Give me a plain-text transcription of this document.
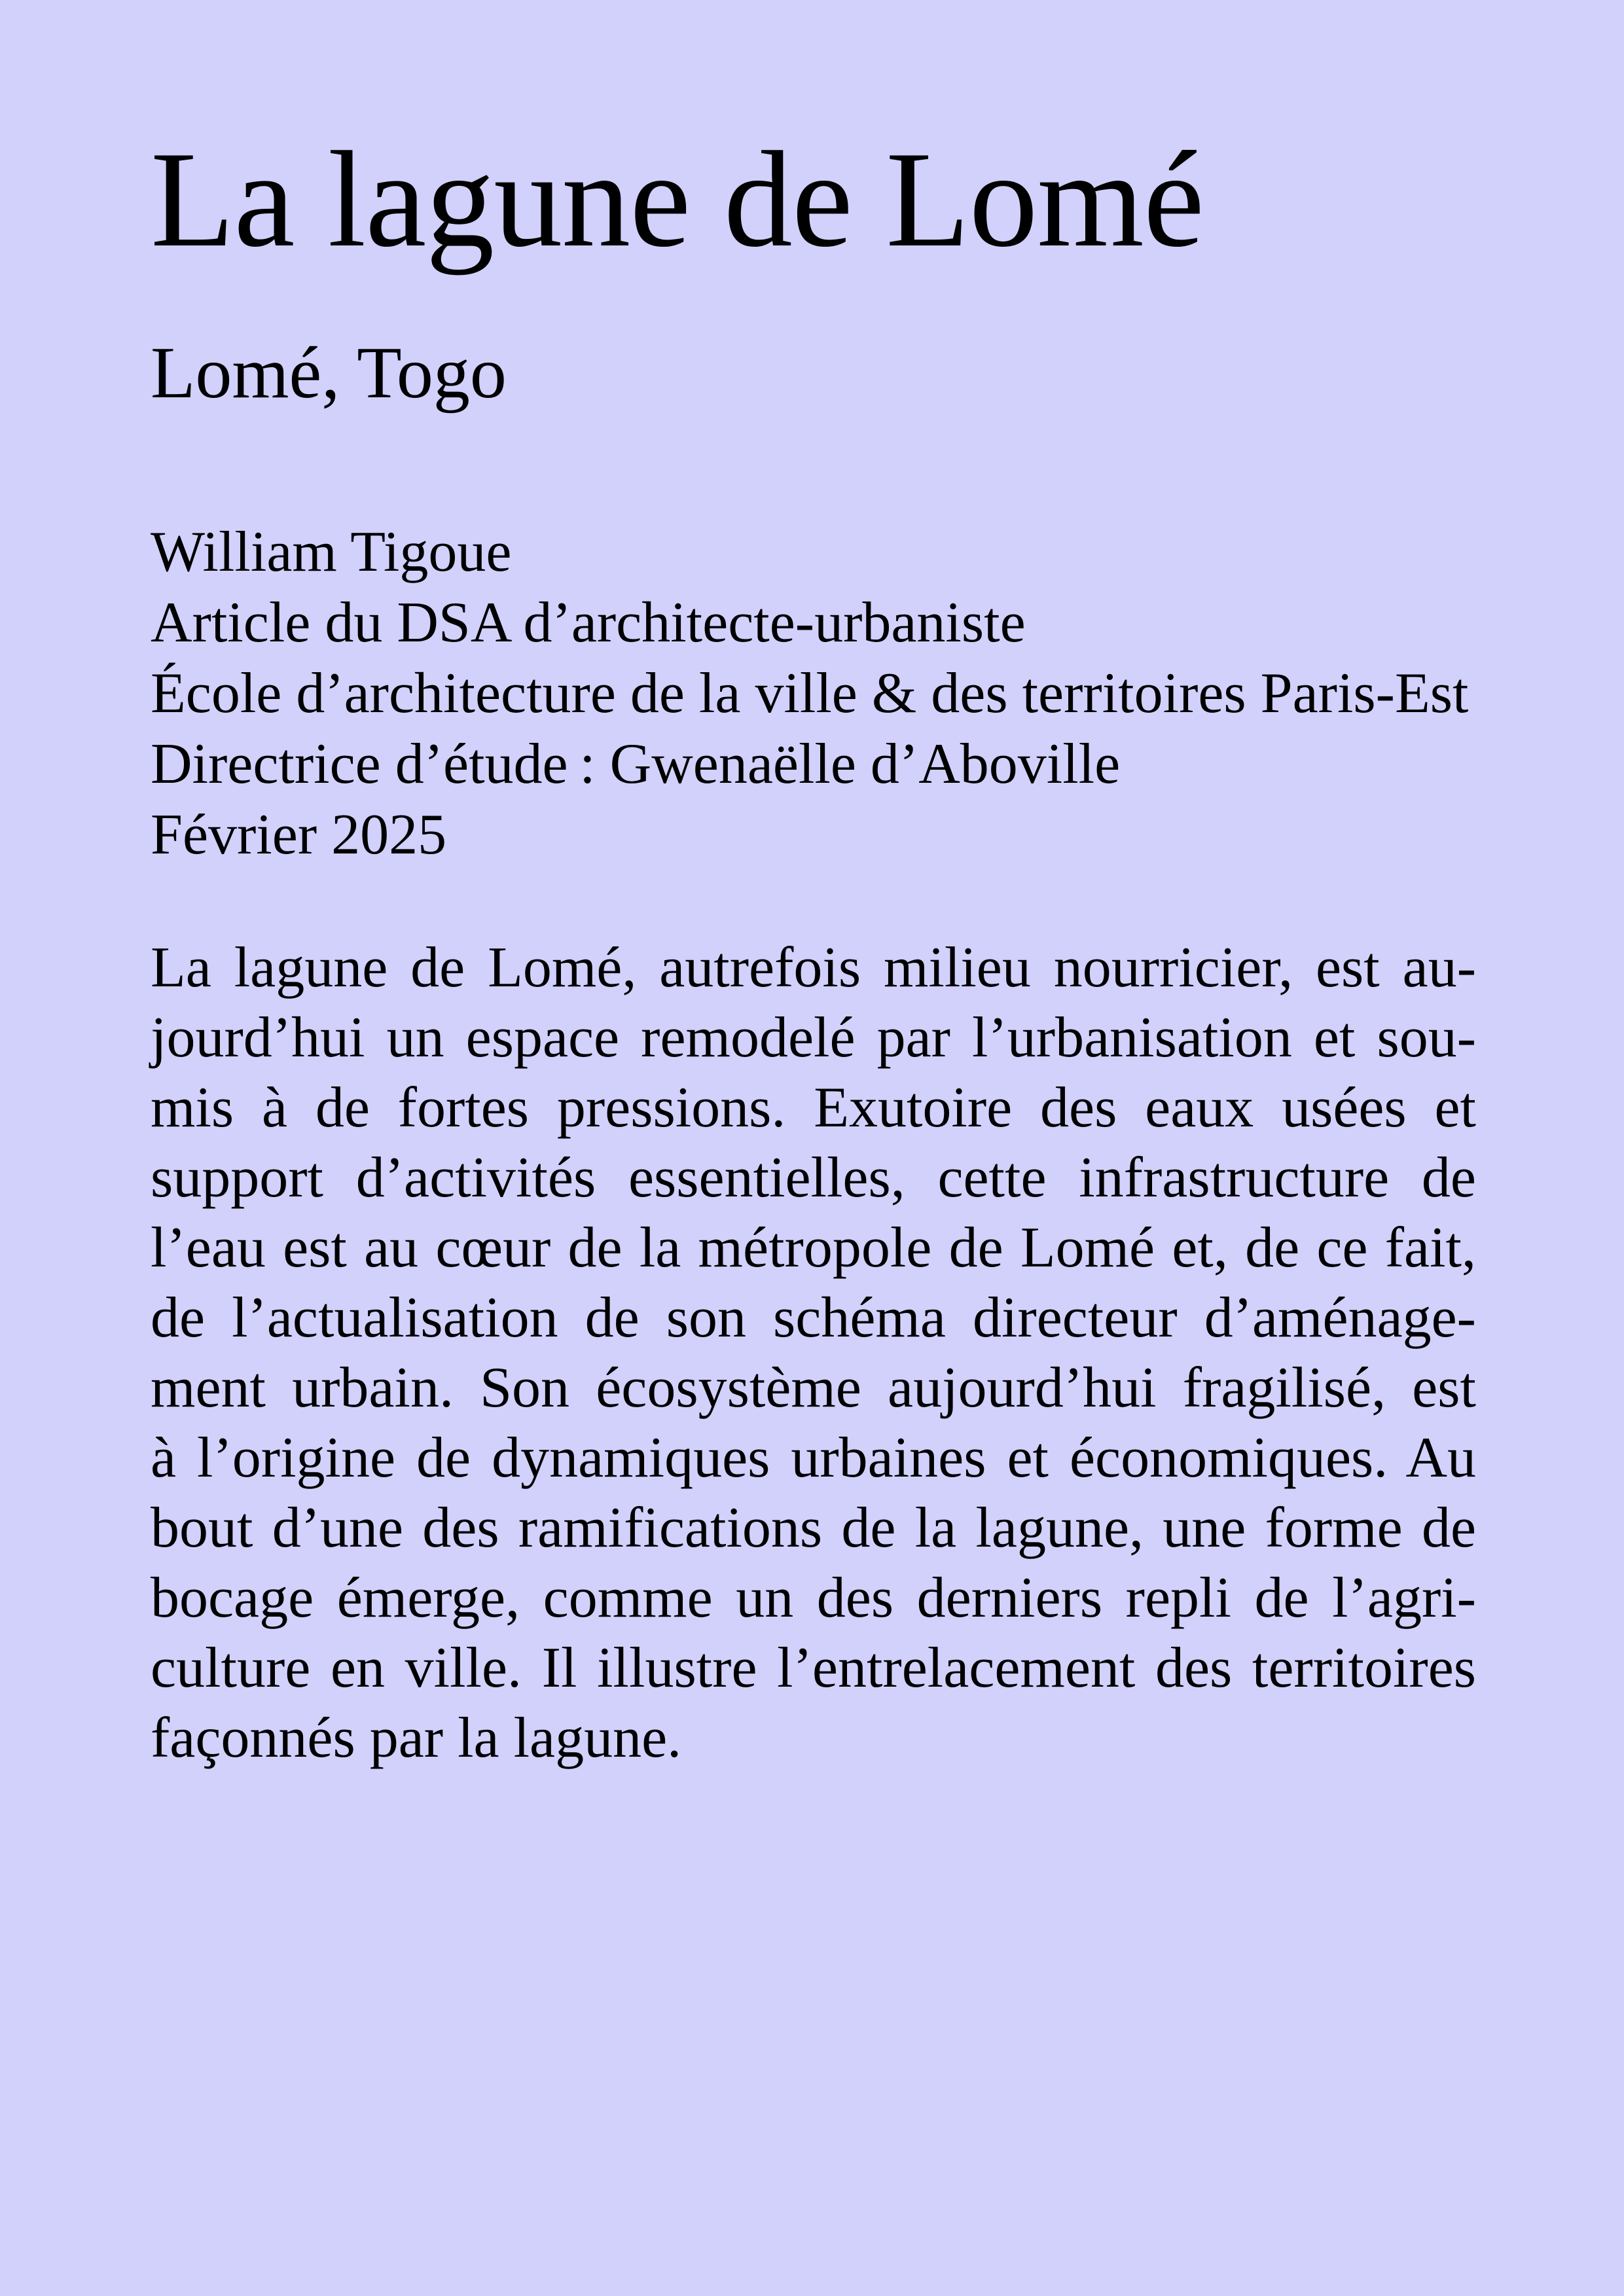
La lagune de Lomé
Lomé, Togo
William Tigoue
Article du DSA d’architecte-urbaniste
École d’architecture de la ville & des territoires Paris-Est
Directrice d’étude : Gwenaëlle d’Aboville
Février 2025
La lagune de Lomé, autrefois milieu nourricier, est au-
jourd’hui un espace remodelé par l’urbanisation et sou-
mis à de fortes pressions. Exutoire des eaux usées et
support d’activités essentielles, cette infrastructure de
l’eau est au cœur de la métropole de Lomé et, de ce fait,
de l’actualisation de son schéma directeur d’aménage-
ment urbain. Son écosystème aujourd’hui fragilisé, est
à l’origine de dynamiques urbaines et économiques. Au
bout d’une des ramifications de la lagune, une forme de
bocage émerge, comme un des derniers repli de l’agri-
culture en ville. Il illustre l’entrelacement des territoires
façonnés par la lagune.
